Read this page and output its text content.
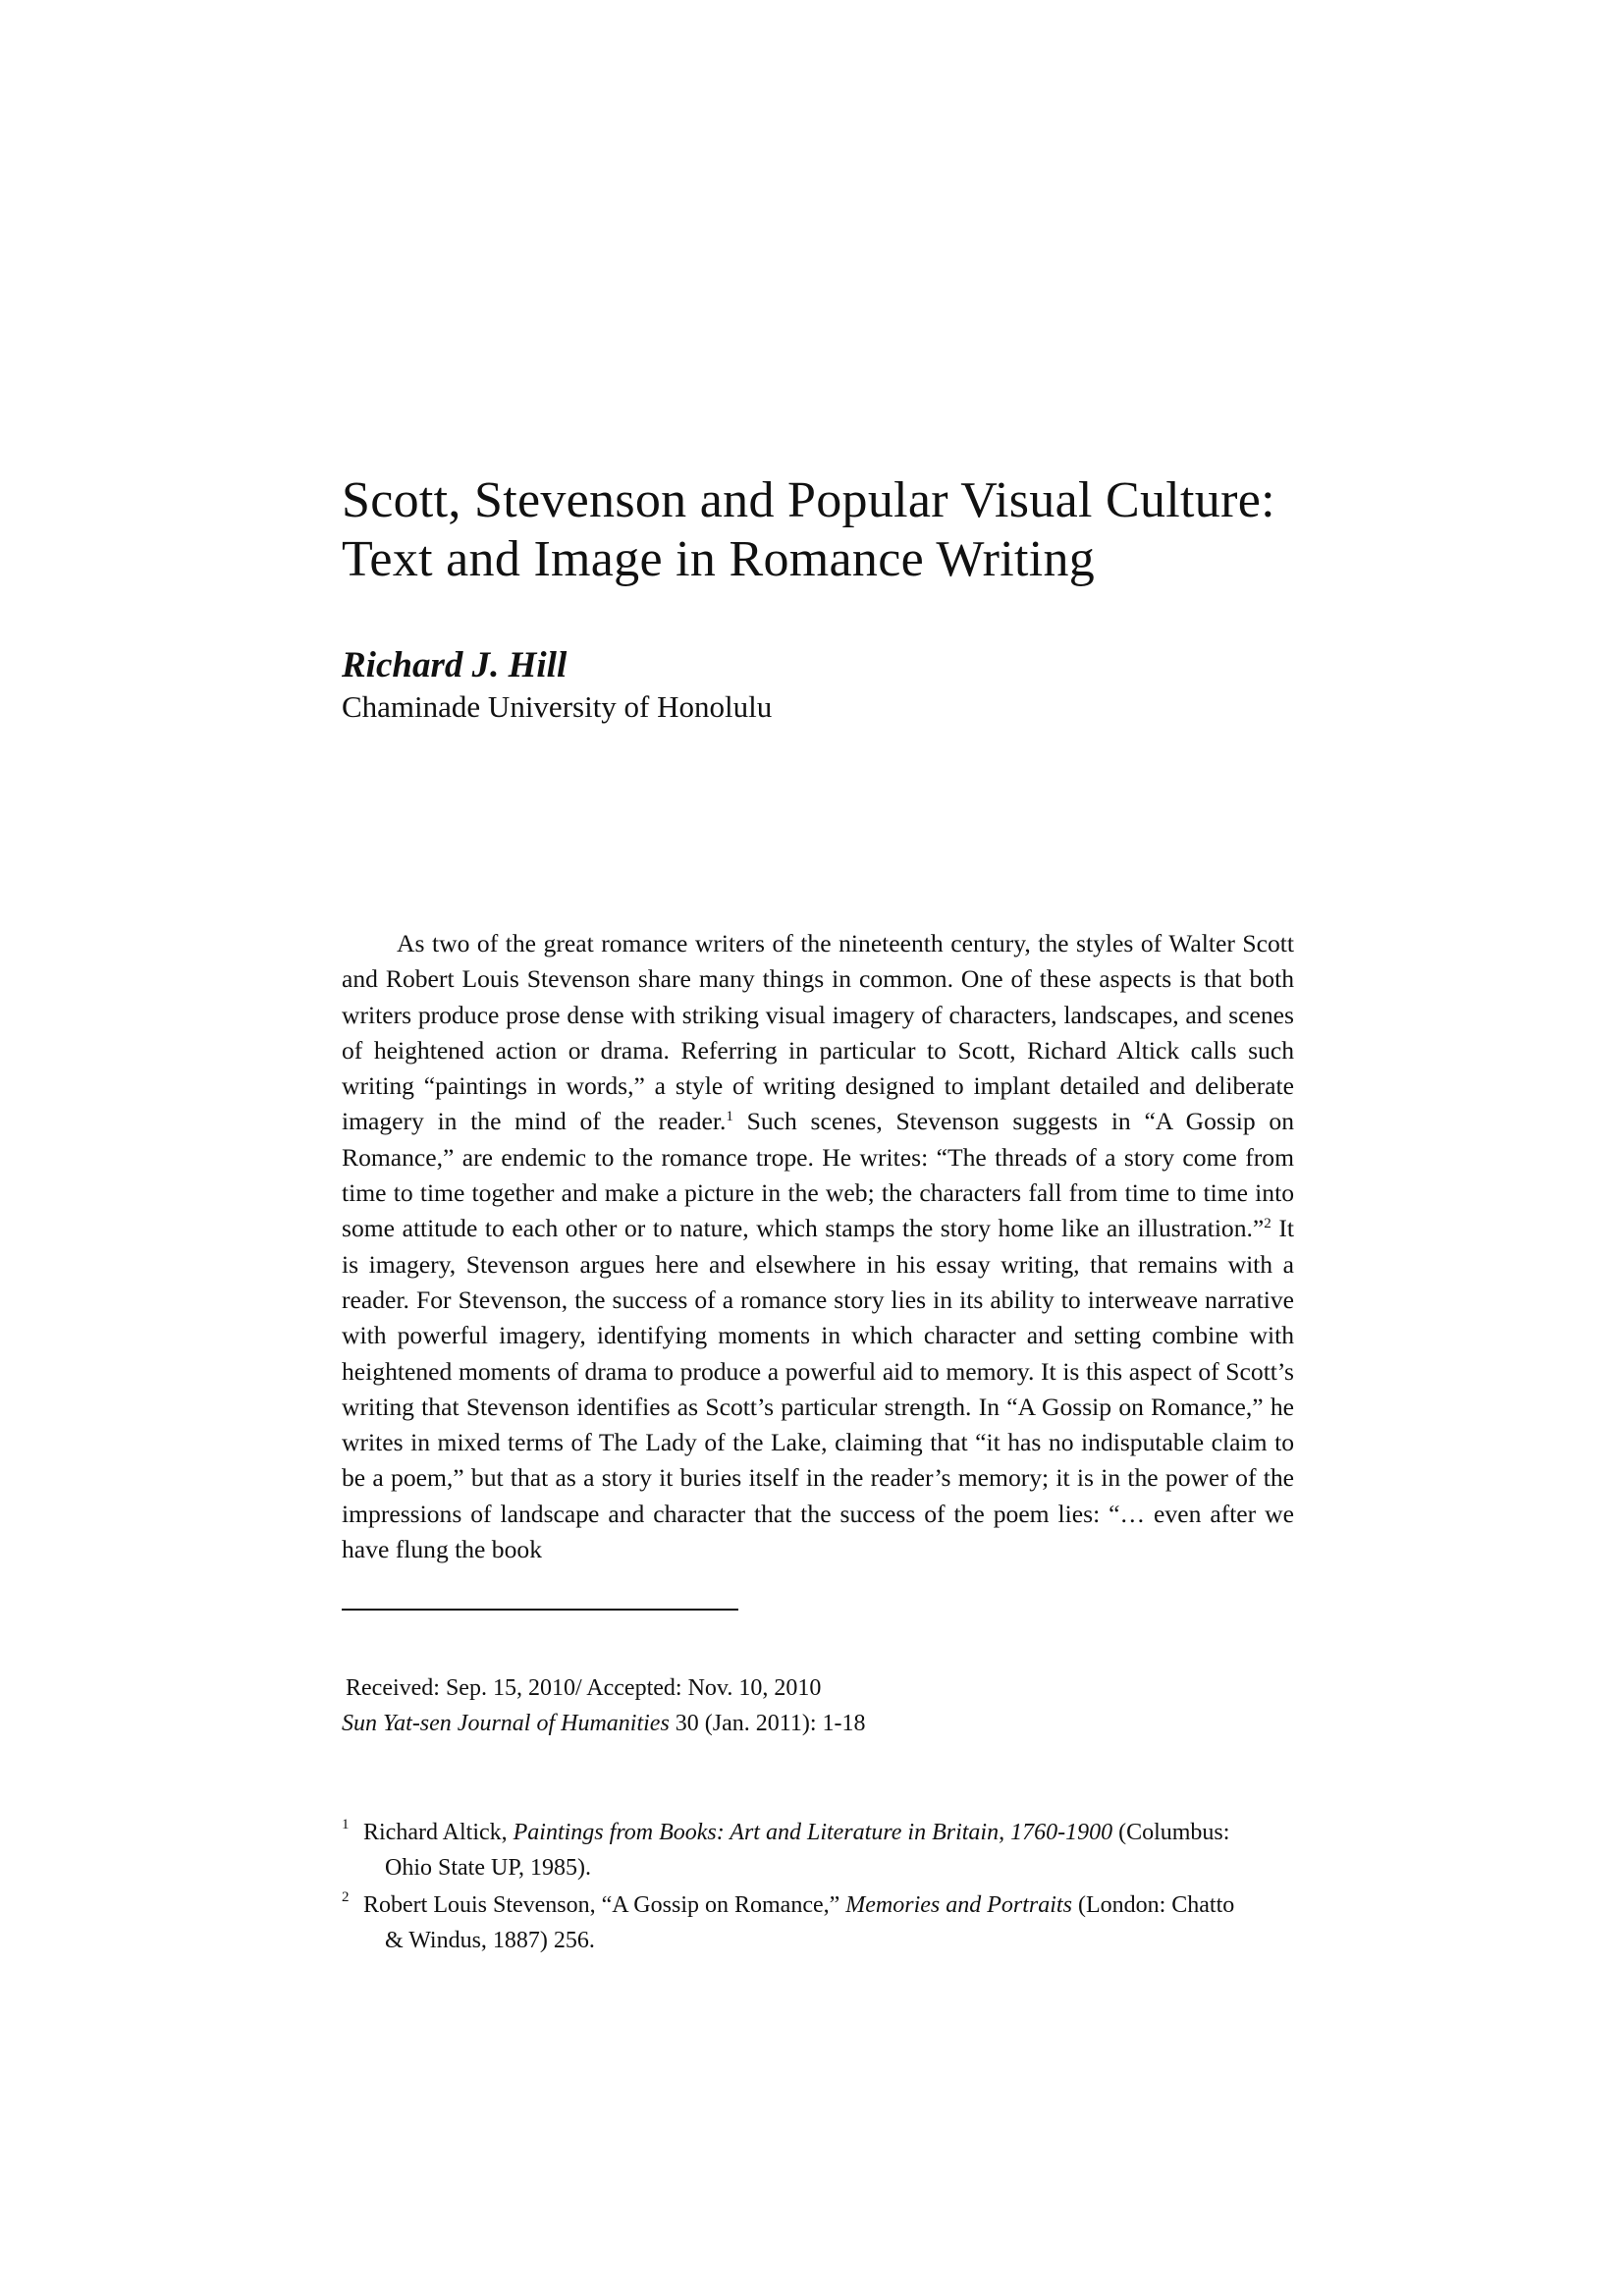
Scott, Stevenson and Popular Visual Culture:
Text and Image in Romance Writing
Richard J. Hill
Chaminade University of Honolulu

As two of the great romance writers of the nineteenth century, the styles of Walter Scott and Robert Louis Stevenson share many things in common. One of these aspects is that both writers produce prose dense with striking visual imagery of characters, landscapes, and scenes of heightened action or drama. Referring in particular to Scott, Richard Altick calls such writing “paintings in words,” a style of writing designed to implant detailed and deliberate imagery in the mind of the reader.$^1$ Such scenes, Stevenson suggests in “A Gossip on Romance,” are endemic to the romance trope. He writes: “The threads of a story come from time to time together and make a picture in the web; the characters fall from time to time into some attitude to each other or to nature, which stamps the story home like an illustration.”$^2$ It is imagery, Stevenson argues here and elsewhere in his essay writing, that remains with a reader. For Stevenson, the success of a romance story lies in its ability to interweave narrative with powerful imagery, identifying moments in which character and setting combine with heightened moments of drama to produce a powerful aid to memory. It is this aspect of Scott’s writing that Stevenson identifies as Scott’s particular strength. In “A Gossip on Romance,” he writes in mixed terms of The Lady of the Lake, claiming that “it has no indisputable claim to be a poem,” but that as a story it buries itself in the reader’s memory; it is in the power of the impressions of landscape and character that the success of the poem lies: “… even after we have flung the book

Received: Sep. 15, 2010/ Accepted: Nov. 10, 2010
Sun Yat-sen Journal of Humanities 30 (Jan. 2011): 1-18
1 Richard Altick, Paintings from Books: Art and Literature in Britain, 1760-1900 (Columbus:
Ohio State UP, 1985).
2 Robert Louis Stevenson, “A Gossip on Romance,” Memories and Portraits (London: Chatto
& Windus, 1887) 256.
